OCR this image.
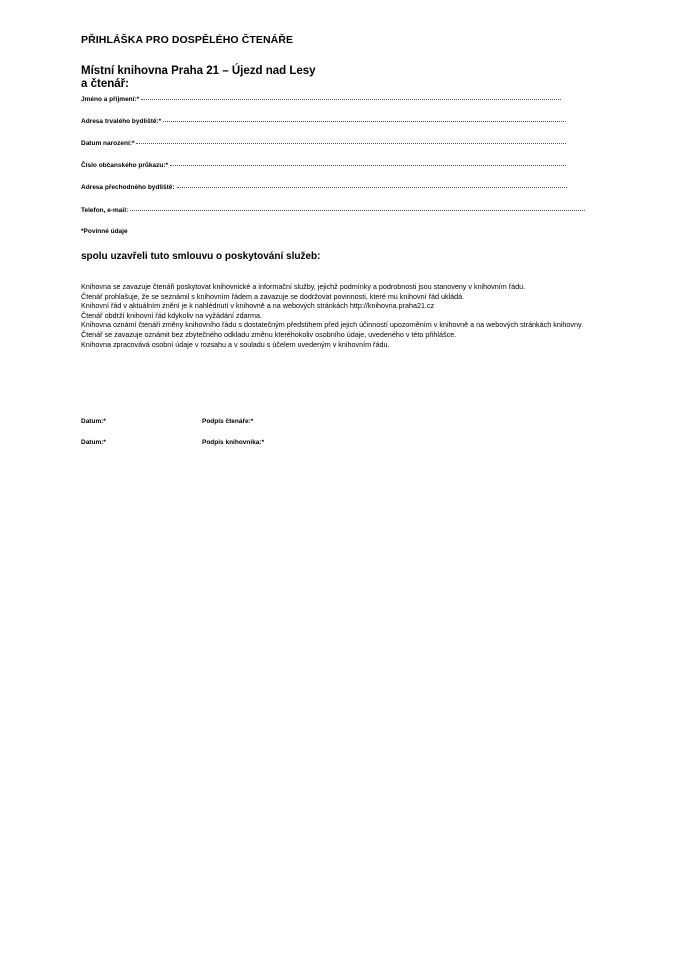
PŘIHLÁŠKA PRO DOSPĚLÉHO ČTENÁŘE
Místní knihovna Praha 21 – Újezd nad Lesy
a čtenář:
Jméno a příjmení:*
Adresa trvalého bydliště:*
Datum narození:*
Číslo občanského průkazu:*
Adresa přechodného bydliště:
Telefon, e-mail:
*Povinné údaje
spolu uzavřeli tuto smlouvu o poskytování služeb:

Knihovna se zavazuje čtenáři poskytovat knihovnické a informační služby, jejichž podmínky a podrobnosti jsou stanoveny v knihovním řádu.

Čtenář prohlašuje, že se seznámil s knihovním řádem a zavazuje se dodržovat povinnosti, které mu knihovní řád ukládá.

Knihovní řád v aktuálním znění je k nahlédnutí v knihovně a na webových stránkách http://knihovna.praha21.cz

Čtenář obdrží knihovní řád kdykoliv na vyžádání zdarma.

Knihovna oznámí čtenáři změny knihovního řádu s dostatečným předstihem před jejich účinností upozorněním v knihovně a na webových stránkách knihovny.

Čtenář se zavazuje oznámit bez zbytečného odkladu změnu kteréhokoliv osobního údaje, uvedeného v této přihlášce.

Knihovna zpracovává osobní údaje v rozsahu a v souladu s účelem uvedeným v knihovním řádu.

Datum:*	Podpis čtenáře:*
Datum:*	Podpis knihovníka:*
